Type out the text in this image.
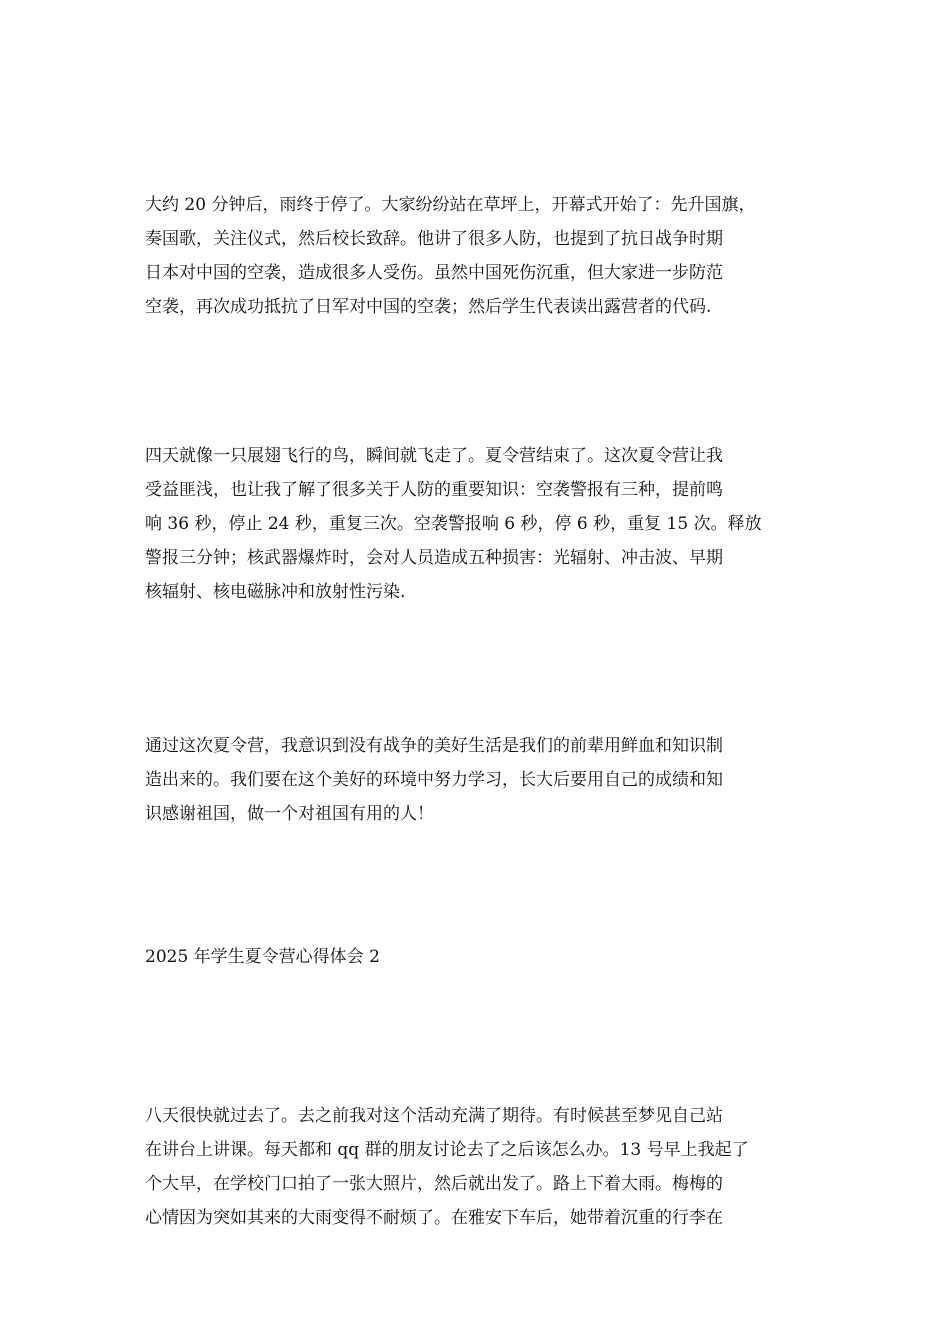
大约 20 分钟后，雨终于停了。大家纷纷站在草坪上，开幕式开始了：先升国旗，
奏国歌，关注仪式，然后校长致辞。他讲了很多人防，也提到了抗日战争时期
日本对中国的空袭，造成很多人受伤。虽然中国死伤沉重，但大家进一步防范
空袭，再次成功抵抗了日军对中国的空袭；然后学生代表读出露营者的代码.
四天就像一只展翅飞行的鸟，瞬间就飞走了。夏令营结束了。这次夏令营让我
受益匪浅，也让我了解了很多关于人防的重要知识：空袭警报有三种，提前鸣
响 36 秒，停止 24 秒，重复三次。空袭警报响 6 秒，停 6 秒，重复 15 次。释放
警报三分钟；核武器爆炸时，会对人员造成五种损害：光辐射、冲击波、早期
核辐射、核电磁脉冲和放射性污染.
通过这次夏令营，我意识到没有战争的美好生活是我们的前辈用鲜血和知识制
造出来的。我们要在这个美好的环境中努力学习，长大后要用自己的成绩和知
识感谢祖国，做一个对祖国有用的人！
2025 年学生夏令营心得体会 2
八天很快就过去了。去之前我对这个活动充满了期待。有时候甚至梦见自己站
在讲台上讲课。每天都和 qq 群的朋友讨论去了之后该怎么办。13 号早上我起了
个大早，在学校门口拍了一张大照片，然后就出发了。路上下着大雨。梅梅的
心情因为突如其来的大雨变得不耐烦了。在雅安下车后，她带着沉重的行李在
